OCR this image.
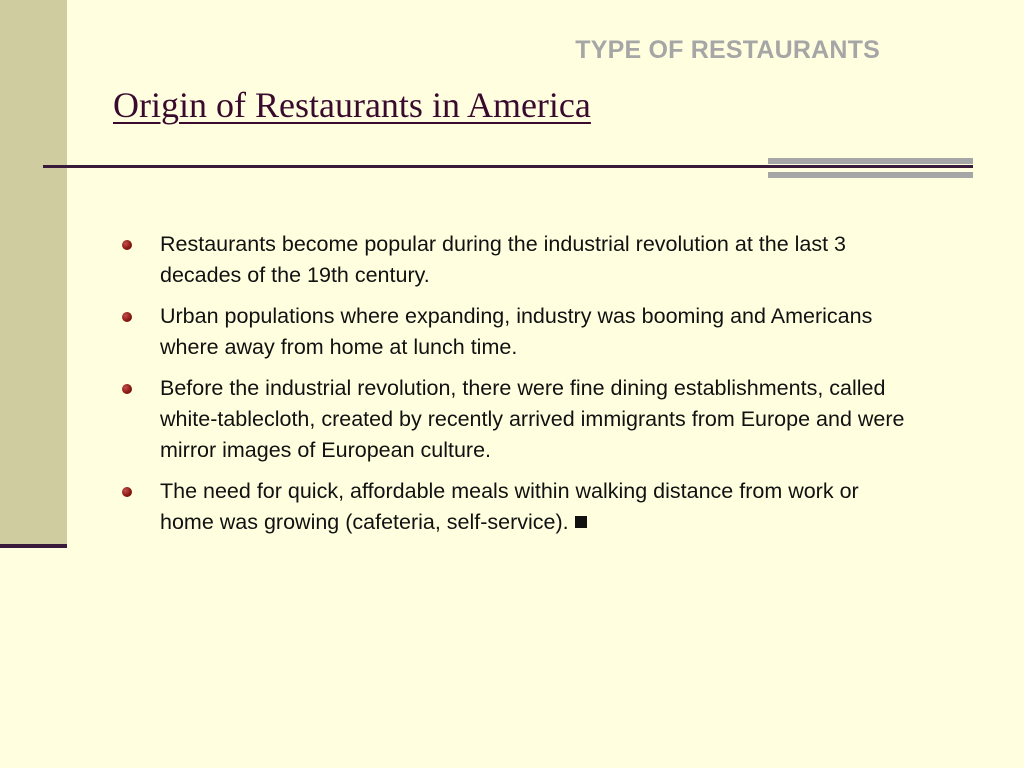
TYPE OF RESTAURANTS
Origin of Restaurants in America
Restaurants become popular during the industrial revolution at the last 3 decades of the 19th century.
Urban populations where expanding, industry was booming and Americans where away from home at lunch time.
Before the industrial revolution, there were fine dining establishments, called white-tablecloth, created by recently arrived immigrants from Europe and were mirror images of European culture.
The need for quick, affordable meals within walking distance from work or home was growing (cafeteria, self-service).
